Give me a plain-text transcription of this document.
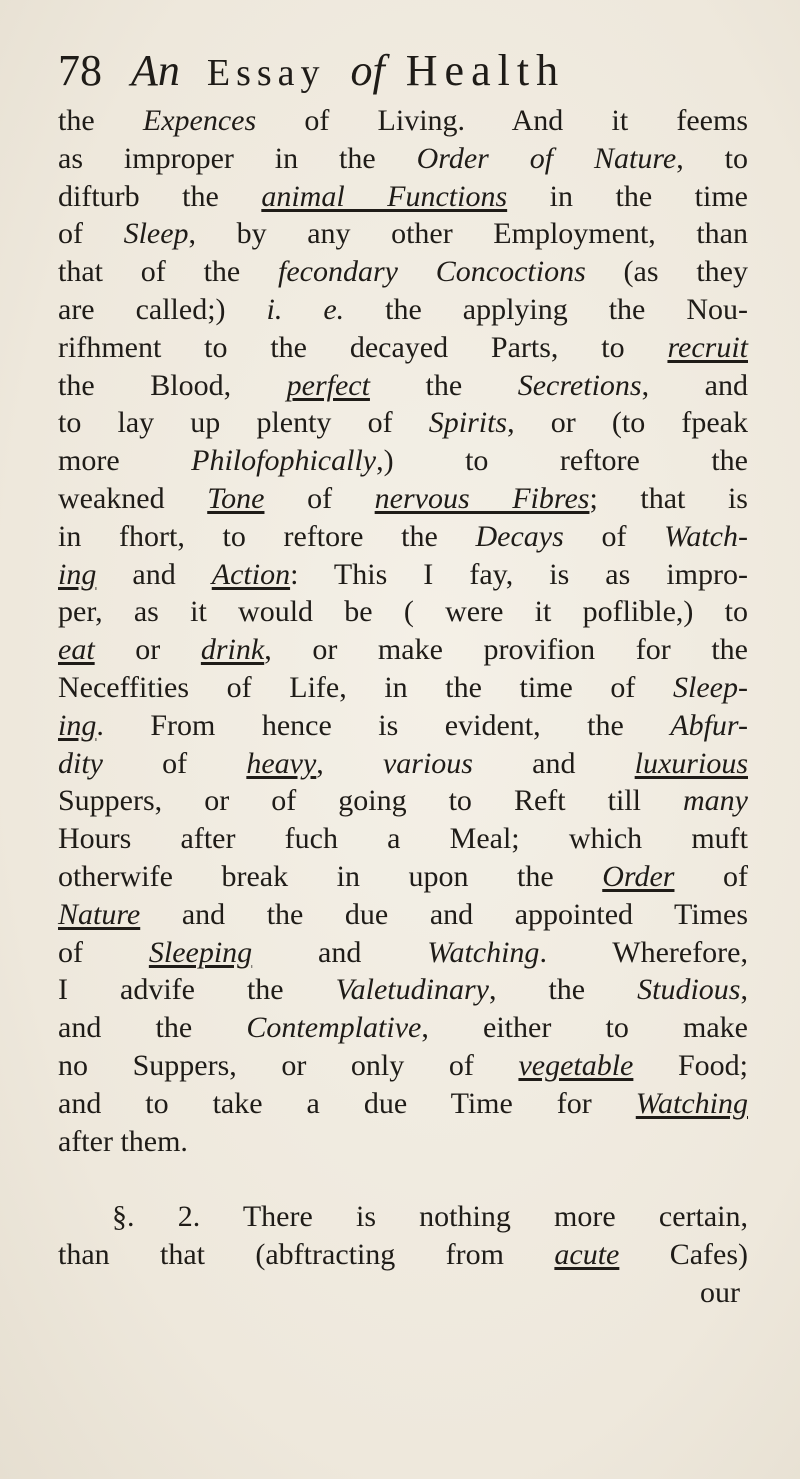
78 An Essay of Health
the Expences of Living. And it feems
as improper in the Order of Nature, to
difturb the animal Functions in the time
of Sleep, by any other Employment, than
that of the fecondary Concoctions (as they
are called;) i. e. the applying the Nou-
rifhment to the decayed Parts, to recruit
the Blood, perfect the Secretions, and
to lay up plenty of Spirits, or (to fpeak
more Philofophically,) to reftore the
weakned Tone of nervous Fibres; that is
in fhort, to reftore the Decays of Watch-
ing and Action: This I fay, is as impro-
per, as it would be ( were it poflible,) to
eat or drink, or make provifion for the
Neceffities of Life, in the time of Sleep-
ing. From hence is evident, the Abfur-
dity of heavy, various and luxurious
Suppers, or of going to Reft till many
Hours after fuch a Meal; which muft
otherwife break in upon the Order of
Nature and the due and appointed Times
of Sleeping and Watching. Wherefore,
I advife the Valetudinary, the Studious,
and the Contemplative, either to make
no Suppers, or only of vegetable Food;
and to take a due Time for Watching
after them.
§. 2. There is nothing more certain,
than that (abftracting from acute Cafes)
our
